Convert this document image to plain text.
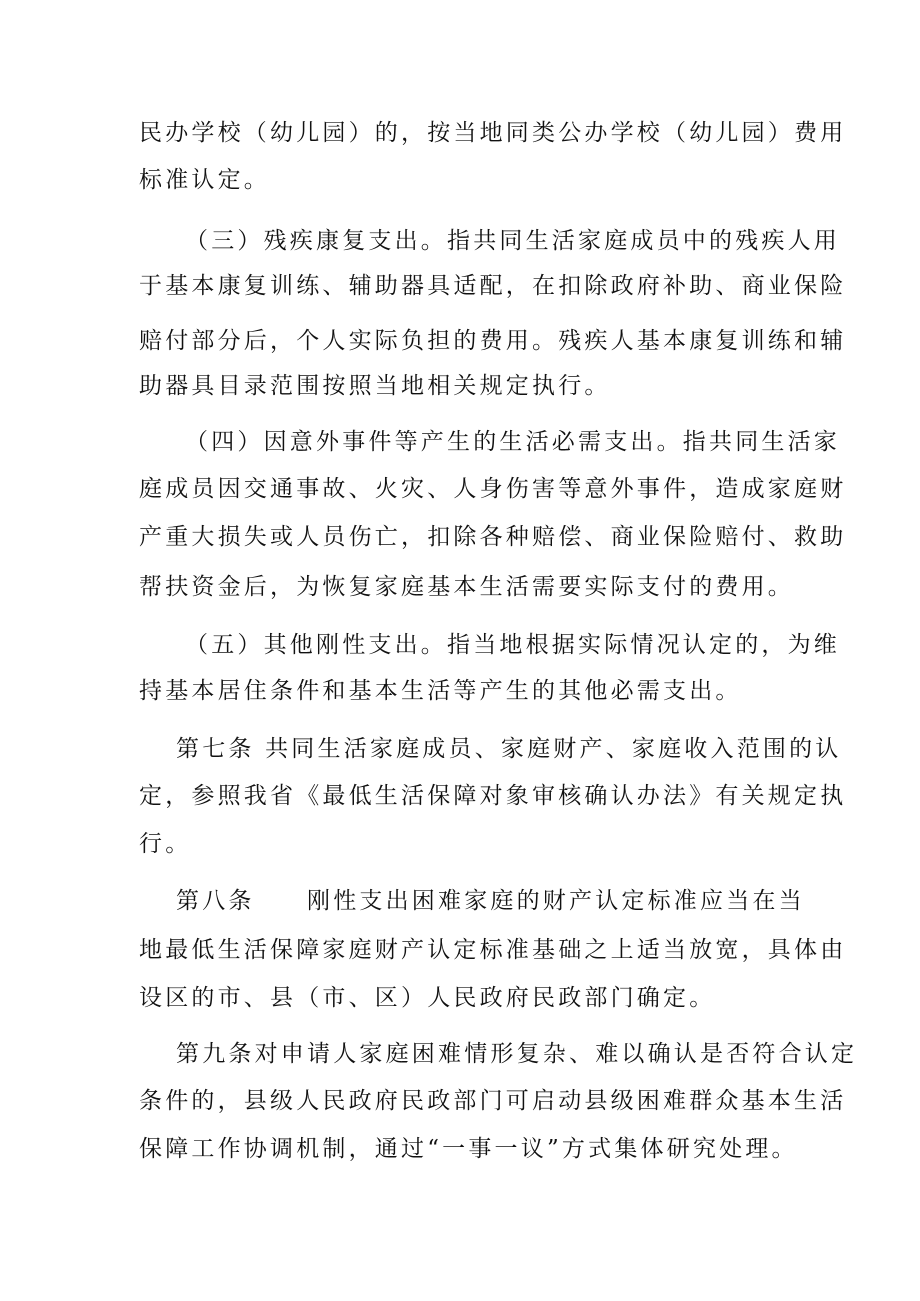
民办学校（幼儿园）的，按当地同类公办学校（幼儿园）费用
标准认定。
（三）残疾康复支出。指共同生活家庭成员中的残疾人用
于基本康复训练、辅助器具适配，在扣除政府补助、商业保险
赔付部分后，个人实际负担的费用。残疾人基本康复训练和辅
助器具目录范围按照当地相关规定执行。
（四）因意外事件等产生的生活必需支出。指共同生活家
庭成员因交通事故、火灾、人身伤害等意外事件，造成家庭财
产重大损失或人员伤亡，扣除各种赔偿、商业保险赔付、救助
帮扶资金后，为恢复家庭基本生活需要实际支付的费用。
（五）其他刚性支出。指当地根据实际情况认定的，为维
持基本居住条件和基本生活等产生的其他必需支出。
第七条 共同生活家庭成员、家庭财产、家庭收入范围的认
定，参照我省《最低生活保障对象审核确认办法》有关规定执
行。
第八条　　刚性支出困难家庭的财产认定标准应当在当
地最低生活保障家庭财产认定标准基础之上适当放宽，具体由
设区的市、县（市、区）人民政府民政部门确定。
第九条对申请人家庭困难情形复杂、难以确认是否符合认定
条件的，县级人民政府民政部门可启动县级困难群众基本生活
保障工作协调机制，通过“一事一议”方式集体研究处理。
